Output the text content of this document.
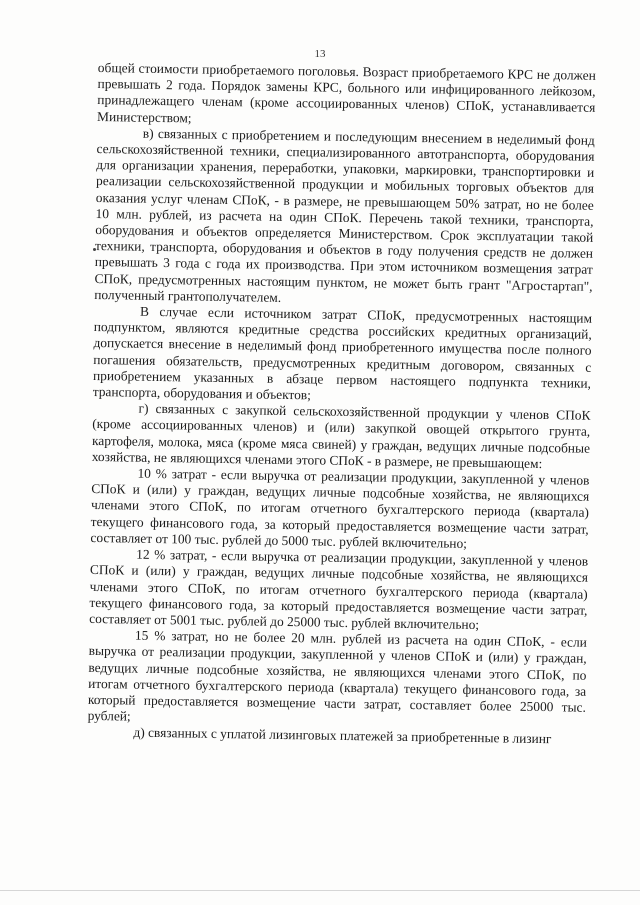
13

общей стоимости приобретаемого поголовья. Возраст приобретаемого КРС не должен превышать 2 года. Порядок замены КРС, больного или инфицированного лейкозом, принадлежащего членам (кроме ассоциированных членов) СПоК, устанавливается Министерством;

в) связанных с приобретением и последующим внесением в неделимый фонд сельскохозяйственной техники, специализированного автотранспорта, оборудования для организации хранения, переработки, упаковки, маркировки, транспортировки и реализации сельскохозяйственной продукции и мобильных торговых объектов для оказания услуг членам СПоК, - в размере, не превышающем 50% затрат, но не более 10 млн. рублей, из расчета на один СПоК. Перечень такой техники, транспорта, оборудования и объектов определяется Министерством. Срок эксплуатации такой техники, транспорта, оборудования и объектов в году получения средств не должен превышать 3 года с года их производства. При этом источником возмещения затрат СПоК, предусмотренных настоящим пунктом, не может быть грант "Агростартап", полученный грантополучателем.

В случае если источником затрат СПоК, предусмотренных настоящим подпунктом, являются кредитные средства российских кредитных организаций, допускается внесение в неделимый фонд приобретенного имущества после полного погашения обязательств, предусмотренных кредитным договором, связанных с приобретением указанных в абзаце первом настоящего подпункта техники, транспорта, оборудования и объектов;

г) связанных с закупкой сельскохозяйственной продукции у членов СПоК (кроме ассоциированных членов) и (или) закупкой овощей открытого грунта, картофеля, молока, мяса (кроме мяса свиней) у граждан, ведущих личные подсобные хозяйства, не являющихся членами этого СПоК - в размере, не превышающем:

10 % затрат - если выручка от реализации продукции, закупленной у членов СПоК и (или) у граждан, ведущих личные подсобные хозяйства, не являющихся членами этого СПоК, по итогам отчетного бухгалтерского периода (квартала) текущего финансового года, за который предоставляется возмещение части затрат, составляет от 100 тыс. рублей до 5000 тыс. рублей включительно;

12 % затрат, - если выручка от реализации продукции, закупленной у членов СПоК и (или) у граждан, ведущих личные подсобные хозяйства, не являющихся членами этого СПоК, по итогам отчетного бухгалтерского периода (квартала) текущего финансового года, за который предоставляется возмещение части затрат, составляет от 5001 тыс. рублей до 25000 тыс. рублей включительно;

15 % затрат, но не более 20 млн. рублей из расчета на один СПоК, - если выручка от реализации продукции, закупленной у членов СПоК и (или) у граждан, ведущих личные подсобные хозяйства, не являющихся членами этого СПоК, по итогам отчетного бухгалтерского периода (квартала) текущего финансового года, за который предоставляется возмещение части затрат, составляет более 25000 тыс. рублей;

д) связанных с уплатой лизинговых платежей за приобретенные в лизинг
